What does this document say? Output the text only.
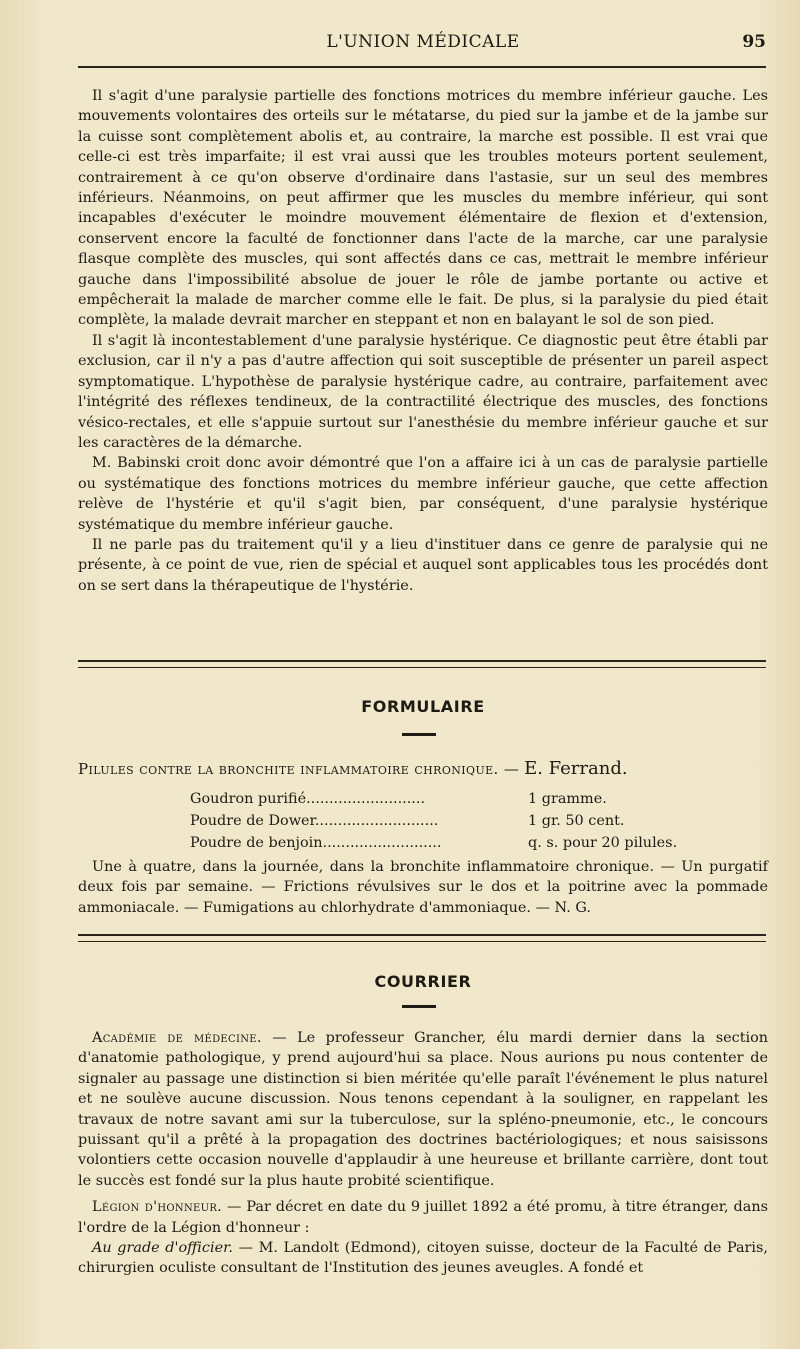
L'UNION MÉDICALE	95

Il s'agit d'une paralysie partielle des fonctions motrices du membre inférieur gauche. Les mouvements volontaires des orteils sur le métatarse, du pied sur la jambe et de la jambe sur la cuisse sont complètement abolis et, au contraire, la marche est possible. Il est vrai que celle-ci est très imparfaite; il est vrai aussi que les troubles moteurs portent seulement, contrairement à ce qu'on observe d'ordinaire dans l'astasie, sur un seul des membres inférieurs. Néanmoins, on peut affirmer que les muscles du membre inférieur, qui sont incapables d'exécuter le moindre mouvement élémentaire de flexion et d'extension, conservent encore la faculté de fonctionner dans l'acte de la marche, car une paralysie flasque complète des muscles, qui sont affectés dans ce cas, mettrait le membre inférieur gauche dans l'impossibilité absolue de jouer le rôle de jambe portante ou active et empêcherait la malade de marcher comme elle le fait. De plus, si la paralysie du pied était complète, la malade devrait marcher en steppant et non en balayant le sol de son pied.

Il s'agit là incontestablement d'une paralysie hystérique. Ce diagnostic peut être établi par exclusion, car il n'y a pas d'autre affection qui soit susceptible de présenter un pareil aspect symptomatique. L'hypothèse de paralysie hystérique cadre, au contraire, parfaitement avec l'intégrité des réflexes tendineux, de la contractilité électrique des muscles, des fonctions vésico-rectales, et elle s'appuie surtout sur l'anesthésie du membre inférieur gauche et sur les caractères de la démarche.

M. Babinski croit donc avoir démontré que l'on a affaire ici à un cas de paralysie partielle ou systématique des fonctions motrices du membre inférieur gauche, que cette affection relève de l'hystérie et qu'il s'agit bien, par conséquent, d'une paralysie hystérique systématique du membre inférieur gauche.

Il ne parle pas du traitement qu'il y a lieu d'instituer dans ce genre de paralysie qui ne présente, à ce point de vue, rien de spécial et auquel sont applicables tous les procédés dont on se sert dans la thérapeutique de l'hystérie.

FORMULAIRE
Pilules contre la bronchite inflammatoire chronique. — E. Ferrand.
Goudron purifié..........................	1 gramme.
Poudre de Dower...........................	1 gr. 50 cent.
Poudre de benjoin..........................	q. s. pour 20 pilules.

Une à quatre, dans la journée, dans la bronchite inflammatoire chronique. — Un purgatif deux fois par semaine. — Frictions révulsives sur le dos et la poitrine avec la pommade ammoniacale. — Fumigations au chlorhydrate d'ammoniaque. — N. G.

COURRIER

Académie de médecine. — Le professeur Grancher, élu mardi dernier dans la section d'anatomie pathologique, y prend aujourd'hui sa place. Nous aurions pu nous contenter de signaler au passage une distinction si bien méritée qu'elle paraît l'événement le plus naturel et ne soulève aucune discussion. Nous tenons cependant à la souligner, en rappelant les travaux de notre savant ami sur la tuberculose, sur la spléno-pneumonie, etc., le concours puissant qu'il a prêté à la propagation des doctrines bactériologiques; et nous saisissons volontiers cette occasion nouvelle d'applaudir à une heureuse et brillante carrière, dont tout le succès est fondé sur la plus haute probité scientifique.

Légion d'honneur. — Par décret en date du 9 juillet 1892 a été promu, à titre étranger, dans l'ordre de la Légion d'honneur :

Au grade d'officier. — M. Landolt (Edmond), citoyen suisse, docteur de la Faculté de Paris, chirurgien oculiste consultant de l'Institution des jeunes aveugles. A fondé et
